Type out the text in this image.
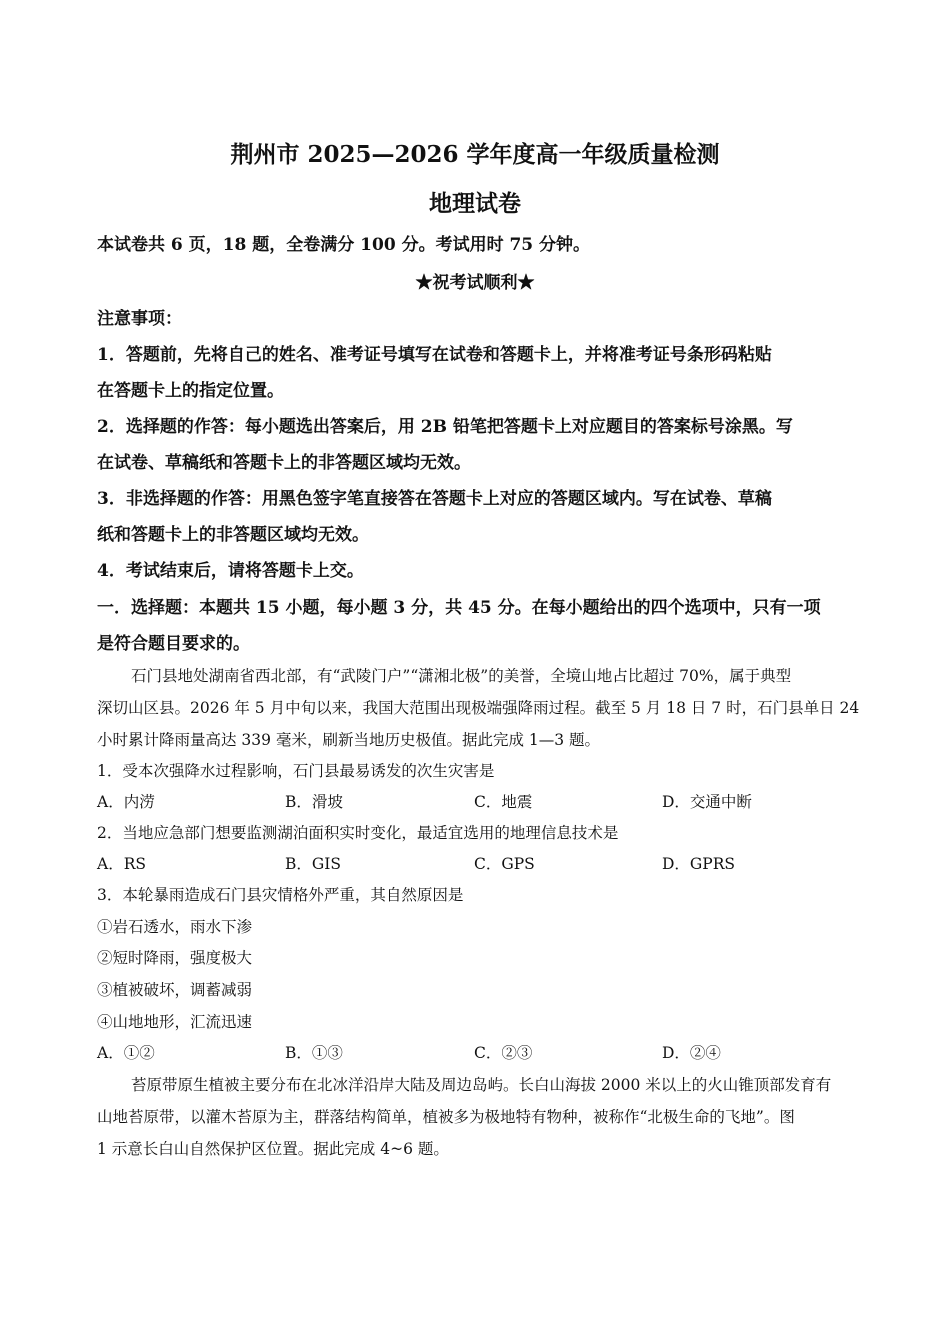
荆州市 2025—2026 学年度高一年级质量检测
地理试卷
本试卷共 6 页，18 题，全卷满分 100 分。考试用时 75 分钟。
★祝考试顺利★
注意事项：
1．答题前，先将自己的姓名、准考证号填写在试卷和答题卡上，并将准考证号条形码粘贴
在答题卡上的指定位置。
2．选择题的作答：每小题选出答案后，用 2B 铅笔把答题卡上对应题目的答案标号涂黑。写
在试卷、草稿纸和答题卡上的非答题区域均无效。
3．非选择题的作答：用黑色签字笔直接答在答题卡上对应的答题区域内。写在试卷、草稿
纸和答题卡上的非答题区域均无效。
4．考试结束后，请将答题卡上交。
一．选择题：本题共 15 小题，每小题 3 分，共 45 分。在每小题给出的四个选项中，只有一项
是符合题目要求的。
石门县地处湖南省西北部，有“武陵门户”“潇湘北极”的美誉，全境山地占比超过 70%，属于典型
深切山区县。2026 年 5 月中旬以来，我国大范围出现极端强降雨过程。截至 5 月 18 日 7 时，石门县单日 24
小时累计降雨量高达 339 毫米，刷新当地历史极值。据此完成 1—3 题。
1．受本次强降水过程影响，石门县最易诱发的次生灾害是
A．内涝	B．滑坡	C．地震	D．交通中断
2．当地应急部门想要监测湖泊面积实时变化，最适宜选用的地理信息技术是
A．RS	B．GIS	C．GPS	D．GPRS
3．本轮暴雨造成石门县灾情格外严重，其自然原因是
①岩石透水，雨水下渗
②短时降雨，强度极大
③植被破坏，调蓄减弱
④山地地形，汇流迅速
A．①②	B．①③	C．②③	D．②④
苔原带原生植被主要分布在北冰洋沿岸大陆及周边岛屿。长白山海拔 2000 米以上的火山锥顶部发育有
山地苔原带，以灌木苔原为主，群落结构简单，植被多为极地特有物种，被称作“北极生命的飞地”。图
1 示意长白山自然保护区位置。据此完成 4~6 题。
